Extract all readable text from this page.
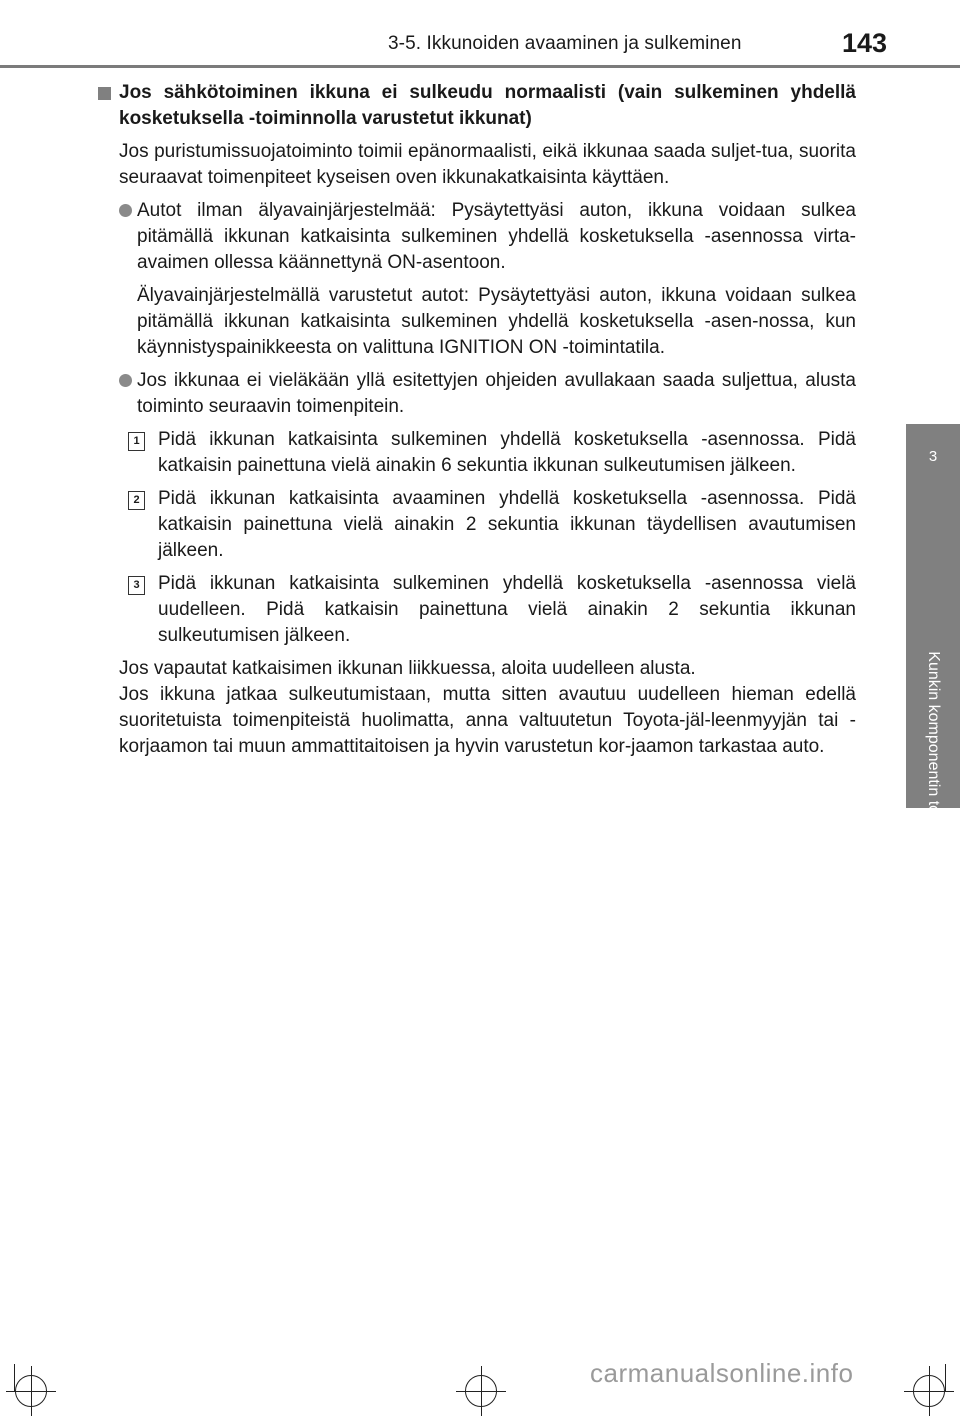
3-5. Ikkunoiden avaaminen ja sulkeminen	143
3
Kunkin komponentin toiminta
Jos sähkötoiminen ikkuna ei sulkeudu normaalisti (vain sulkeminen yhdellä kosketuksella -toiminnolla varustetut ikkunat)

Jos puristumissuojatoiminto toimii epänormaalisti, eikä ikkunaa saada suljet-tua, suorita seuraavat toimenpiteet kyseisen oven ikkunakatkaisinta käyttäen.

Autot ilman älyavainjärjestelmää: Pysäytettyäsi auton, ikkuna voidaan sulkea pitämällä ikkunan katkaisinta sulkeminen yhdellä kosketuksella -asennossa virta-avaimen ollessa käännettynä ON-asentoon.
Älyavainjärjestelmällä varustetut autot: Pysäytettyäsi auton, ikkuna voidaan sulkea pitämällä ikkunan katkaisinta sulkeminen yhdellä kosketuksella -asen-nossa, kun käynnistyspainikkeesta on valittuna IGNITION ON -toimintatila.
Jos ikkunaa ei vieläkään yllä esitettyjen ohjeiden avullakaan saada suljettua, alusta toiminto seuraavin toimenpitein.
1 Pidä ikkunan katkaisinta sulkeminen yhdellä kosketuksella -asennossa. Pidä katkaisin painettuna vielä ainakin 6 sekuntia ikkunan sulkeutumisen jälkeen.
2 Pidä ikkunan katkaisinta avaaminen yhdellä kosketuksella -asennossa. Pidä katkaisin painettuna vielä ainakin 2 sekuntia ikkunan täydellisen avautumisen jälkeen.
3 Pidä ikkunan katkaisinta sulkeminen yhdellä kosketuksella -asennossa vielä uudelleen. Pidä katkaisin painettuna vielä ainakin 2 sekuntia ikkunan sulkeutumisen jälkeen.
Jos vapautat katkaisimen ikkunan liikkuessa, aloita uudelleen alusta.
Jos ikkuna jatkaa sulkeutumistaan, mutta sitten avautuu uudelleen hieman edellä suoritetuista toimenpiteistä huolimatta, anna valtuutetun Toyota-jäl-leenmyyjän tai -korjaamon tai muun ammattitaitoisen ja hyvin varustetun kor-jaamon tarkastaa auto.
carmanualsonline.info
